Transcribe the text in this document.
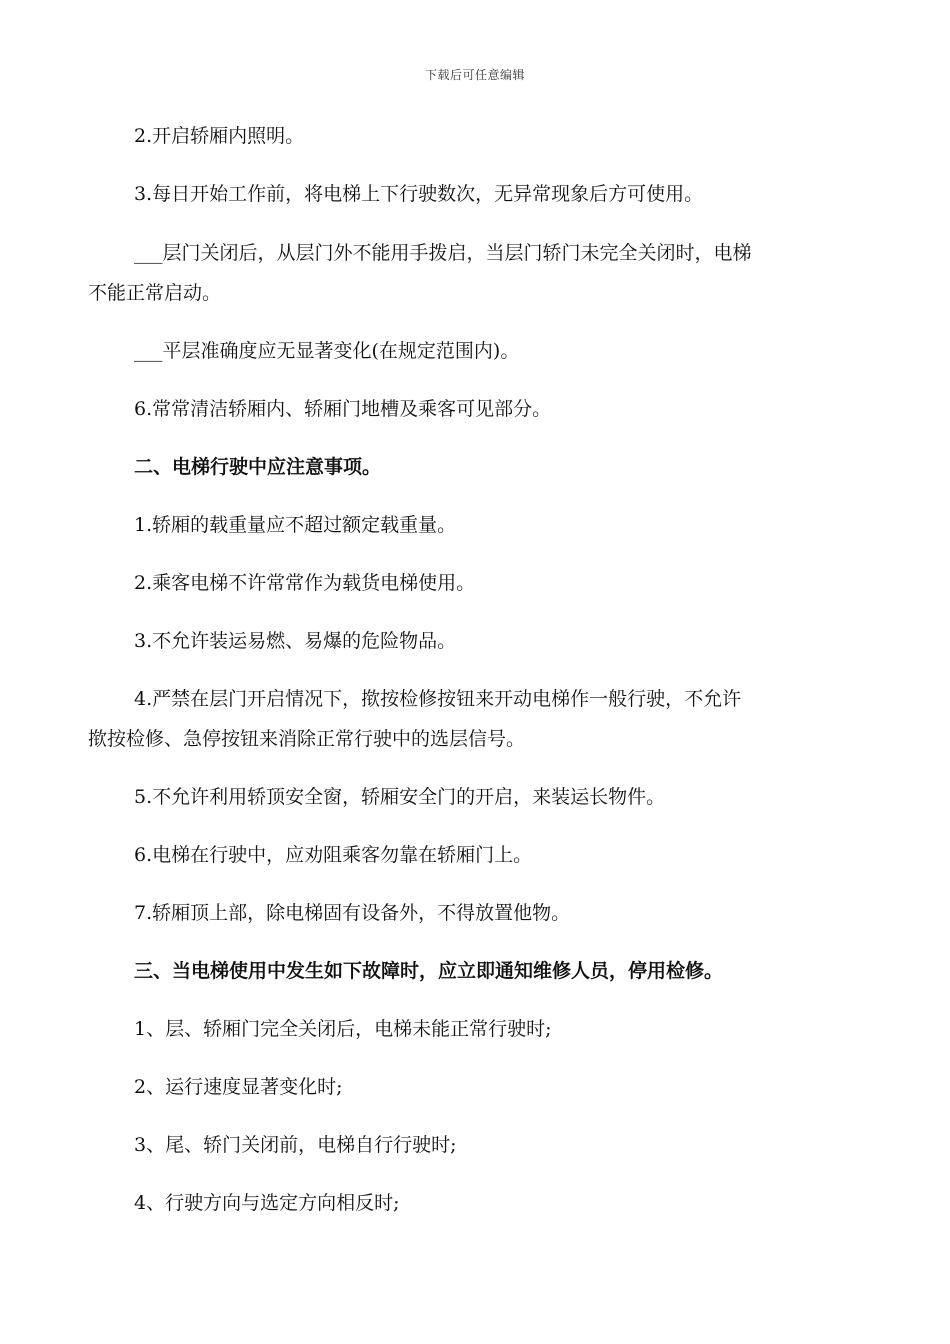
下载后可任意编辑
2.开启轿厢内照明。
3.每日开始工作前，将电梯上下行驶数次，无异常现象后方可使用。
___层门关闭后，从层门外不能用手拨启，当层门轿门未完全关闭时，电梯
不能正常启动。
___平层准确度应无显著变化(在规定范围内)。
6.常常清洁轿厢内、轿厢门地槽及乘客可见部分。
二、电梯行驶中应注意事项。
1.轿厢的载重量应不超过额定载重量。
2.乘客电梯不许常常作为载货电梯使用。
3.不允许装运易燃、易爆的危险物品。
4.严禁在层门开启情况下，揿按检修按钮来开动电梯作一般行驶，不允许
揿按检修、急停按钮来消除正常行驶中的选层信号。
5.不允许利用轿顶安全窗，轿厢安全门的开启，来装运长物件。
6.电梯在行驶中，应劝阻乘客勿靠在轿厢门上。
7.轿厢顶上部，除电梯固有设备外，不得放置他物。
三、当电梯使用中发生如下故障时，应立即通知维修人员，停用检修。
1、层、轿厢门完全关闭后，电梯未能正常行驶时;
2、运行速度显著变化时;
3、尾、轿门关闭前，电梯自行行驶时;
4、行驶方向与选定方向相反时;
